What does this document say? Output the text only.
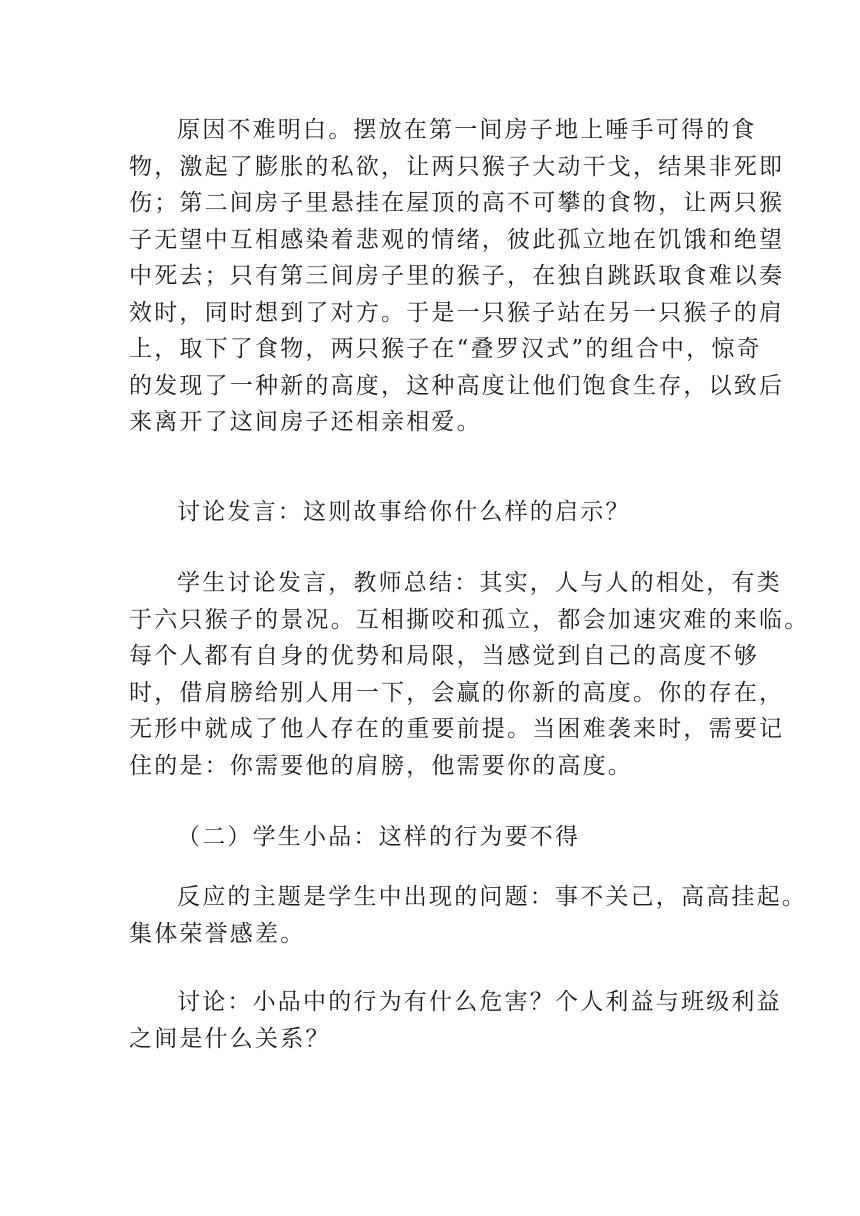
原因不难明白。摆放在第一间房子地上唾手可得的食
物，激起了膨胀的私欲，让两只猴子大动干戈，结果非死即
伤；第二间房子里悬挂在屋顶的高不可攀的食物，让两只猴
子无望中互相感染着悲观的情绪，彼此孤立地在饥饿和绝望
中死去；只有第三间房子里的猴子，在独自跳跃取食难以奏
效时，同时想到了对方。于是一只猴子站在另一只猴子的肩
上，取下了食物，两只猴子在“叠罗汉式”的组合中，惊奇
的发现了一种新的高度，这种高度让他们饱食生存，以致后
来离开了这间房子还相亲相爱。
讨论发言：这则故事给你什么样的启示？
学生讨论发言，教师总结：其实，人与人的相处，有类
于六只猴子的景况。互相撕咬和孤立，都会加速灾难的来临。
每个人都有自身的优势和局限，当感觉到自己的高度不够
时，借肩膀给别人用一下，会赢的你新的高度。你的存在，
无形中就成了他人存在的重要前提。当困难袭来时，需要记
住的是：你需要他的肩膀，他需要你的高度。
（二）学生小品：这样的行为要不得
反应的主题是学生中出现的问题：事不关己，高高挂起。
集体荣誉感差。
讨论：小品中的行为有什么危害？个人利益与班级利益
之间是什么关系？
